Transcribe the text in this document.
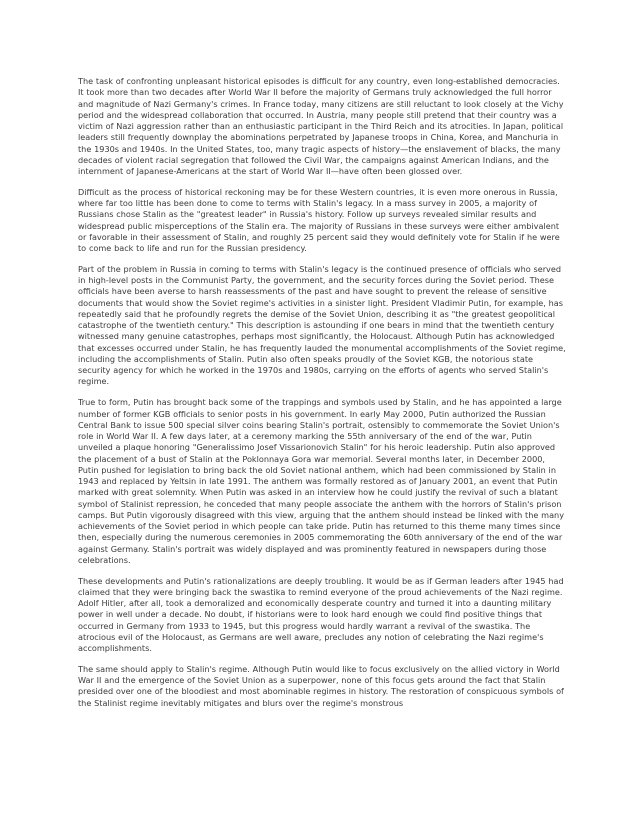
The task of confronting unpleasant historical episodes is difficult for any country, even long-established democracies. It took more than two decades after World War II before the majority of Germans truly acknowledged the full horror and magnitude of Nazi Germany's crimes. In France today, many citizens are still reluctant to look closely at the Vichy period and the widespread collaboration that occurred. In Austria, many people still pretend that their country was a victim of Nazi aggression rather than an enthusiastic participant in the Third Reich and its atrocities. In Japan, political leaders still frequently downplay the abominations perpetrated by Japanese troops in China, Korea, and Manchuria in the 1930s and 1940s. In the United States, too, many tragic aspects of history—the enslavement of blacks, the many decades of violent racial segregation that followed the Civil War, the campaigns against American Indians, and the internment of Japanese-Americans at the start of World War II—have often been glossed over.

Difficult as the process of historical reckoning may be for these Western countries, it is even more onerous in Russia, where far too little has been done to come to terms with Stalin's legacy. In a mass survey in 2005, a majority of Russians chose Stalin as the "greatest leader" in Russia's history. Follow up surveys revealed similar results and widespread public misperceptions of the Stalin era. The majority of Russians in these surveys were either ambivalent or favorable in their assessment of Stalin, and roughly 25 percent said they would definitely vote for Stalin if he were to come back to life and run for the Russian presidency.

Part of the problem in Russia in coming to terms with Stalin's legacy is the continued presence of officials who served in high-level posts in the Communist Party, the government, and the security forces during the Soviet period. These officials have been averse to harsh reassessments of the past and have sought to prevent the release of sensitive documents that would show the Soviet regime's activities in a sinister light. President Vladimir Putin, for example, has repeatedly said that he profoundly regrets the demise of the Soviet Union, describing it as "the greatest geopolitical catastrophe of the twentieth century." This description is astounding if one bears in mind that the twentieth century witnessed many genuine catastrophes, perhaps most significantly, the Holocaust. Although Putin has acknowledged that excesses occurred under Stalin, he has frequently lauded the monumental accomplishments of the Soviet regime, including the accomplishments of Stalin. Putin also often speaks proudly of the Soviet KGB, the notorious state security agency for which he worked in the 1970s and 1980s, carrying on the efforts of agents who served Stalin's regime.

True to form, Putin has brought back some of the trappings and symbols used by Stalin, and he has appointed a large number of former KGB officials to senior posts in his government. In early May 2000, Putin authorized the Russian Central Bank to issue 500 special silver coins bearing Stalin's portrait, ostensibly to commemorate the Soviet Union's role in World War II. A few days later, at a ceremony marking the 55th anniversary of the end of the war, Putin unveiled a plaque honoring "Generalissimo Josef Vissarionovich Stalin" for his heroic leadership. Putin also approved the placement of a bust of Stalin at the Poklonnaya Gora war memorial. Several months later, in December 2000, Putin pushed for legislation to bring back the old Soviet national anthem, which had been commissioned by Stalin in 1943 and replaced by Yeltsin in late 1991. The anthem was formally restored as of January 2001, an event that Putin marked with great solemnity. When Putin was asked in an interview how he could justify the revival of such a blatant symbol of Stalinist repression, he conceded that many people associate the anthem with the horrors of Stalin's prison camps. But Putin vigorously disagreed with this view, arguing that the anthem should instead be linked with the many achievements of the Soviet period in which people can take pride. Putin has returned to this theme many times since then, especially during the numerous ceremonies in 2005 commemorating the 60th anniversary of the end of the war against Germany. Stalin's portrait was widely displayed and was prominently featured in newspapers during those celebrations.

These developments and Putin's rationalizations are deeply troubling. It would be as if German leaders after 1945 had claimed that they were bringing back the swastika to remind everyone of the proud achievements of the Nazi regime. Adolf Hitler, after all, took a demoralized and economically desperate country and turned it into a daunting military power in well under a decade. No doubt, if historians were to look hard enough we could find positive things that occurred in Germany from 1933 to 1945, but this progress would hardly warrant a revival of the swastika. The atrocious evil of the Holocaust, as Germans are well aware, precludes any notion of celebrating the Nazi regime's accomplishments.

The same should apply to Stalin's regime. Although Putin would like to focus exclusively on the allied victory in World War II and the emergence of the Soviet Union as a superpower, none of this focus gets around the fact that Stalin presided over one of the bloodiest and most abominable regimes in history. The restoration of conspicuous symbols of the Stalinist regime inevitably mitigates and blurs over the regime's monstrous
